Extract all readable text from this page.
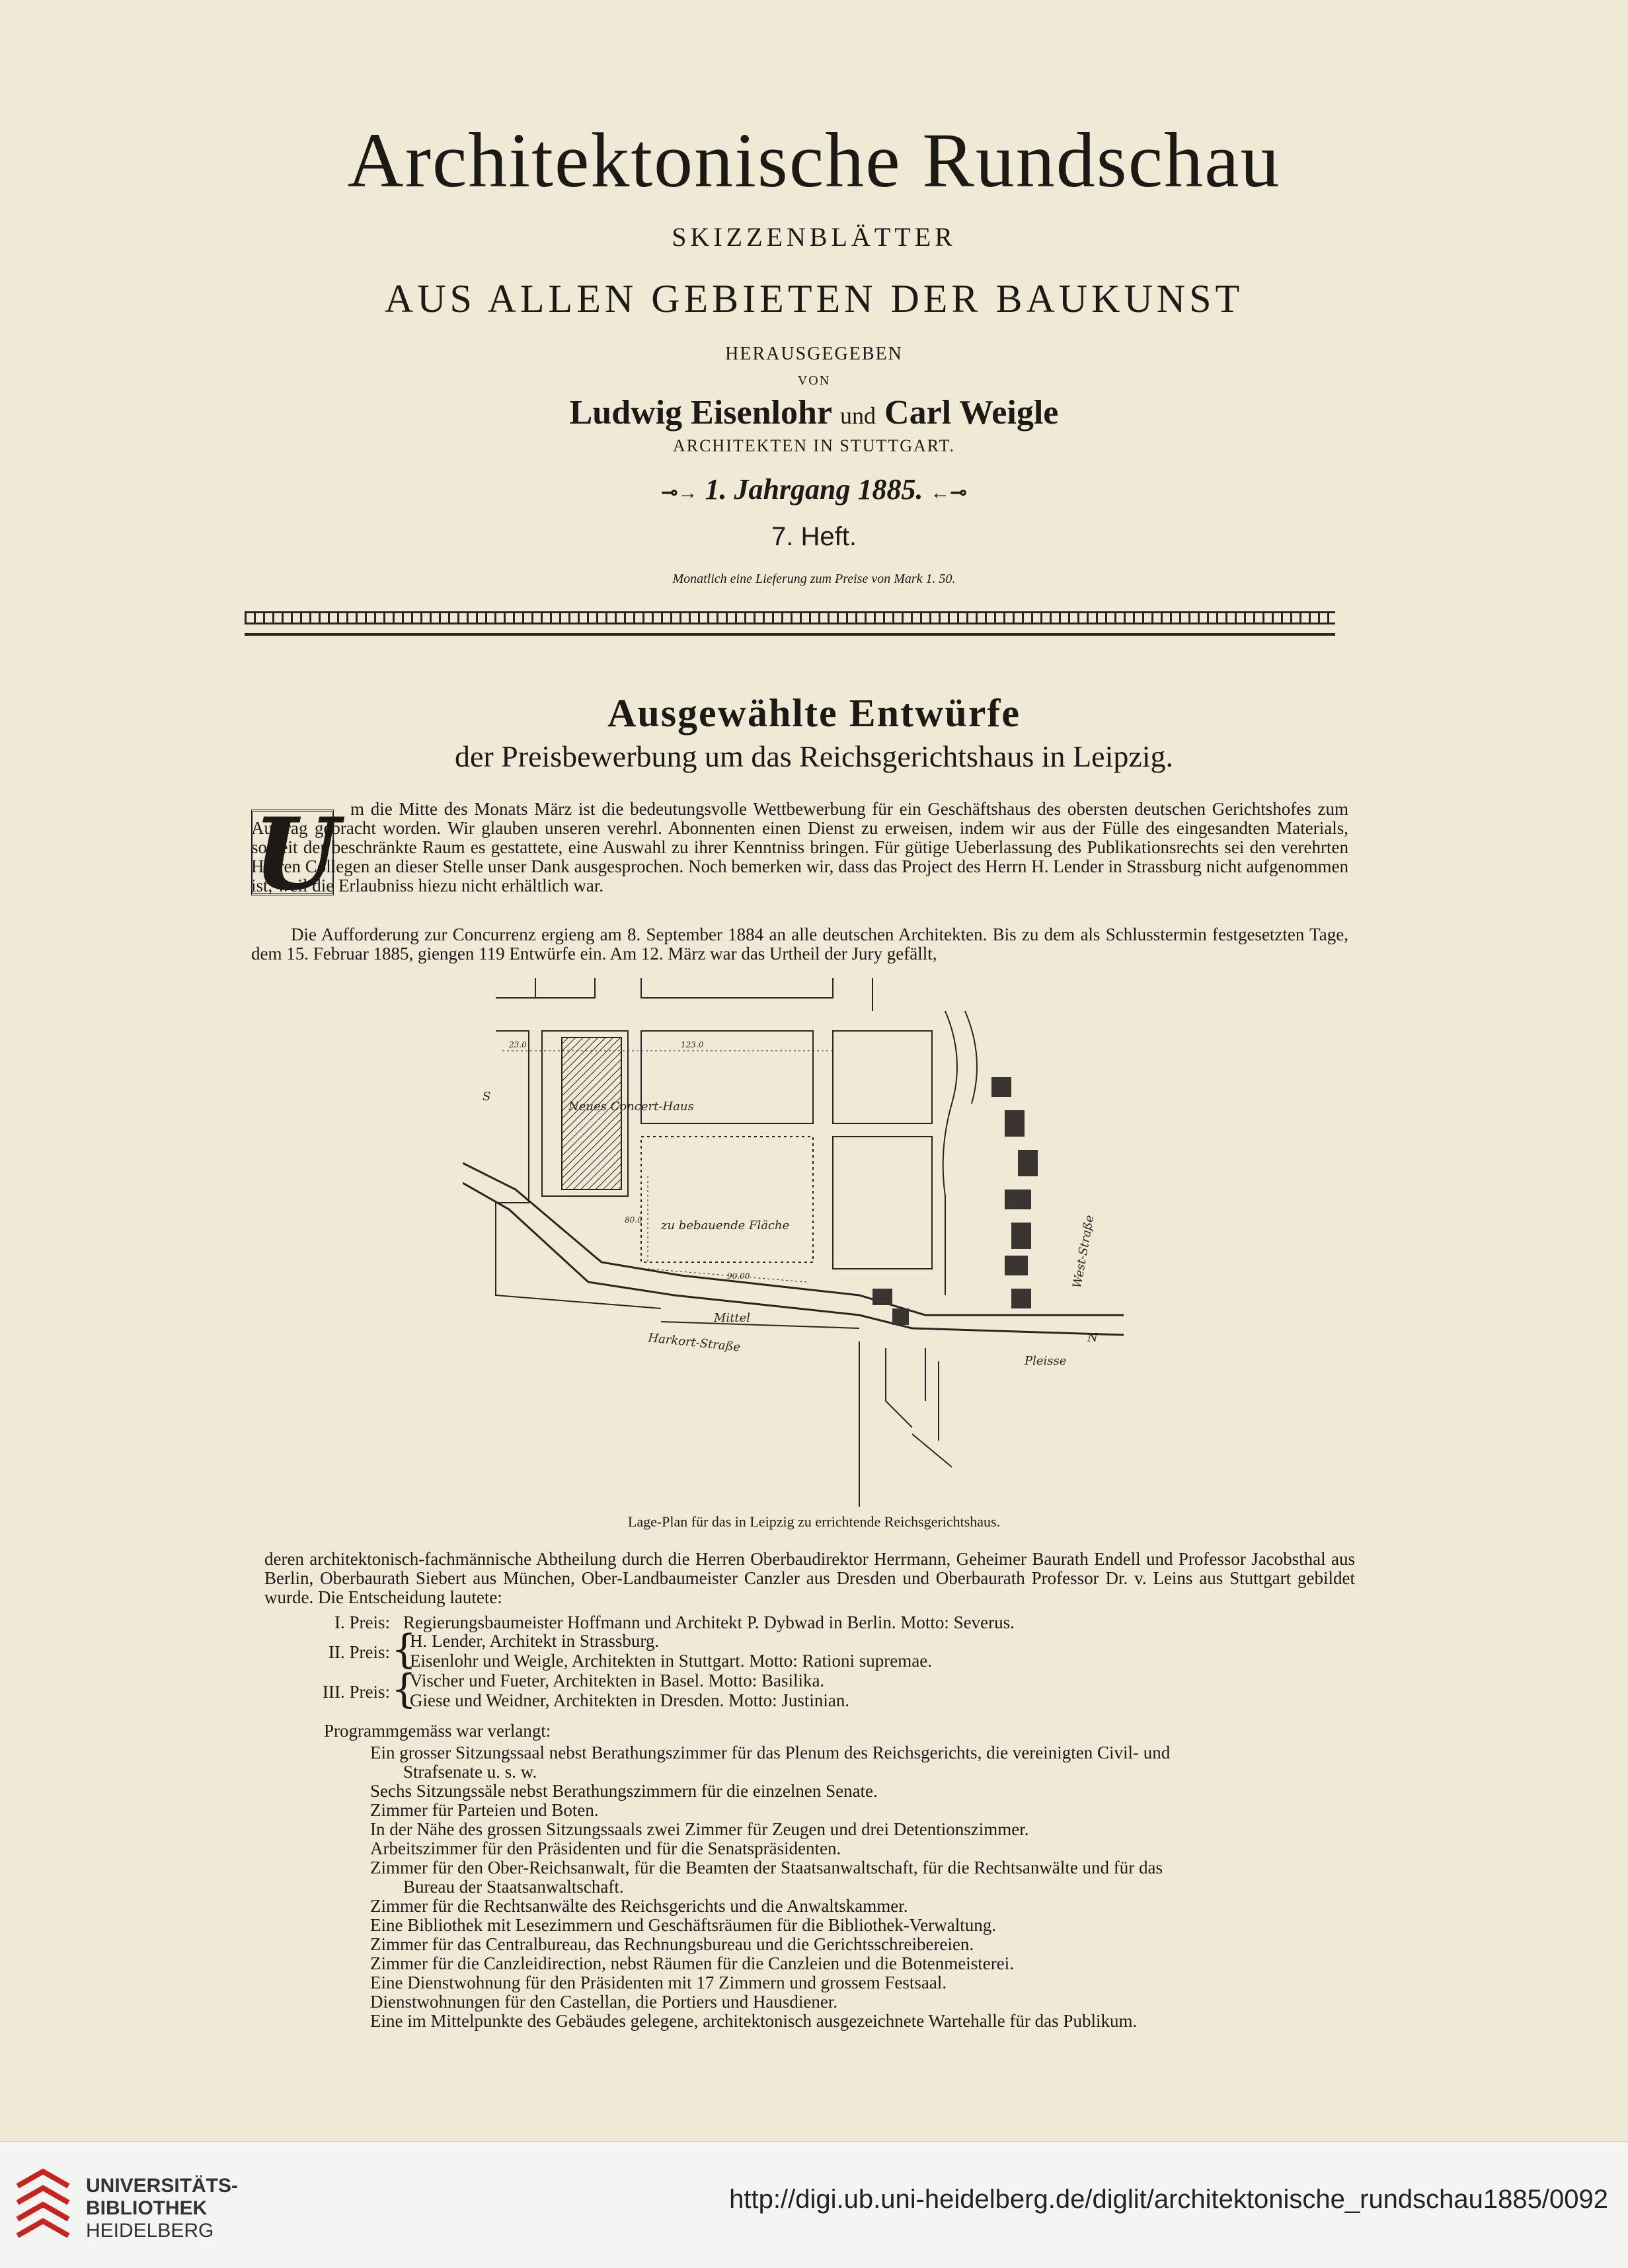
Architektonische Rundschau
SKIZZENBLÄTTER
AUS ALLEN GEBIETEN DER BAUKUNST
HERAUSGEGEBEN
VON
Ludwig Eisenlohr und Carl Weigle
ARCHITEKTEN IN STUTTGART.
⊸→ 1. Jahrgang 1885. ←⊸
7. Heft.
Monatlich eine Lieferung zum Preise von Mark 1. 50.
Ausgewählte Entwürfe
der Preisbewerbung um das Reichsgerichtshaus in Leipzig.
U m die Mitte des Monats März ist die bedeutungsvolle Wettbewerbung für ein Geschäftshaus des obersten deutschen Gerichtshofes zum Austrag gebracht worden. Wir glauben unseren verehrl. Abonnenten einen Dienst zu erweisen, indem wir aus der Fülle des eingesandten Materials, soweit der beschränkte Raum es gestattete, eine Auswahl zu ihrer Kenntniss bringen. Für gütige Ueberlassung des Publikationsrechts sei den verehrten Herren Collegen an dieser Stelle unser Dank ausgesprochen. Noch bemerken wir, dass das Project des Herrn H. Lender in Strassburg nicht aufgenommen ist, weil die Erlaubniss hiezu nicht erhältlich war.
Die Aufforderung zur Concurrenz ergieng am 8. September 1884 an alle deutschen Architekten. Bis zu dem als Schlusstermin festgesetzten Tage, dem 15. Februar 1885, giengen 119 Entwürfe ein. Am 12. März war das Urtheil der Jury gefällt,
Neues Concert-Haus
zu bebauende Fläche
Harkort-Straße
West-Straße
Mittel
S
N
Pleisse
123.0
23.0
80.0
90.00
Lage-Plan für das in Leipzig zu errichtende Reichsgerichtshaus.
deren architektonisch-fachmännische Abtheilung durch die Herren Oberbaudirektor Herrmann, Geheimer Baurath Endell und Professor Jacobsthal aus Berlin, Oberbaurath Siebert aus München, Ober-Landbaumeister Canzler aus Dresden und Oberbaurath Professor Dr. v. Leins aus Stuttgart gebildet wurde. Die Entscheidung lautete:
I. Preis: Regierungsbaumeister Hoffmann und Architekt P. Dybwad in Berlin. Motto: Severus.
II. Preis: {
H. Lender, Architekt in Strassburg.
Eisenlohr und Weigle, Architekten in Stuttgart. Motto: Rationi supremae.
III. Preis: {
Vischer und Fueter, Architekten in Basel. Motto: Basilika.
Giese und Weidner, Architekten in Dresden. Motto: Justinian.
Programmgemäss war verlangt:
Ein grosser Sitzungssaal nebst Berathungszimmer für das Plenum des Reichsgerichts, die vereinigten Civil- und
Strafsenate u. s. w.
Sechs Sitzungssäle nebst Berathungszimmern für die einzelnen Senate.
Zimmer für Parteien und Boten.
In der Nähe des grossen Sitzungssaals zwei Zimmer für Zeugen und drei Detentionszimmer.
Arbeitszimmer für den Präsidenten und für die Senatspräsidenten.
Zimmer für den Ober-Reichsanwalt, für die Beamten der Staatsanwaltschaft, für die Rechtsanwälte und für das
Bureau der Staatsanwaltschaft.
Zimmer für die Rechtsanwälte des Reichsgerichts und die Anwaltskammer.
Eine Bibliothek mit Lesezimmern und Geschäftsräumen für die Bibliothek-Verwaltung.
Zimmer für das Centralbureau, das Rechnungsbureau und die Gerichtsschreibereien.
Zimmer für die Canzleidirection, nebst Räumen für die Canzleien und die Botenmeisterei.
Eine Dienstwohnung für den Präsidenten mit 17 Zimmern und grossem Festsaal.
Dienstwohnungen für den Castellan, die Portiers und Hausdiener.
Eine im Mittelpunkte des Gebäudes gelegene, architektonisch ausgezeichnete Wartehalle für das Publikum.
UNIVERSITÄTS-
BIBLIOTHEK
HEIDELBERG
http://digi.ub.uni-heidelberg.de/diglit/architektonische_rundschau1885/0092
